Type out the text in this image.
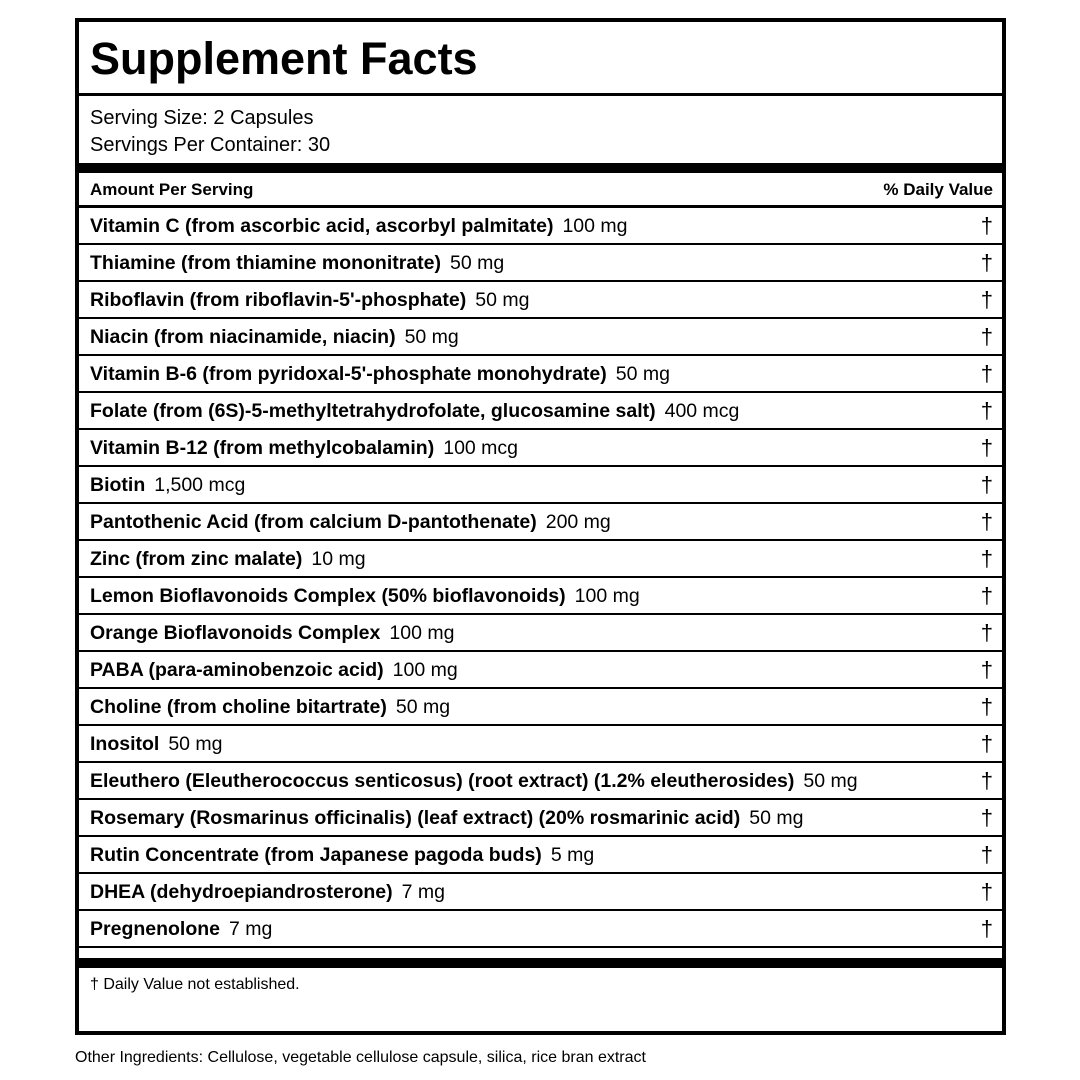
Supplement Facts
Serving Size: 2 Capsules
Servings Per Container: 30
Amount Per Serving	% Daily Value
Vitamin C (from ascorbic acid, ascorbyl palmitate) 100 mg	†
Thiamine (from thiamine mononitrate) 50 mg	†
Riboflavin (from riboflavin-5'-phosphate) 50 mg	†
Niacin (from niacinamide, niacin) 50 mg	†
Vitamin B-6 (from pyridoxal-5'-phosphate monohydrate) 50 mg	†
Folate (from (6S)-5-methyltetrahydrofolate, glucosamine salt) 400 mcg	†
Vitamin B-12 (from methylcobalamin) 100 mcg	†
Biotin 1,500 mcg	†
Pantothenic Acid (from calcium D-pantothenate) 200 mg	†
Zinc (from zinc malate) 10 mg	†
Lemon Bioflavonoids Complex (50% bioflavonoids) 100 mg	†
Orange Bioflavonoids Complex 100 mg	†
PABA (para-aminobenzoic acid) 100 mg	†
Choline (from choline bitartrate) 50 mg	†
Inositol 50 mg	†
Eleuthero (Eleutherococcus senticosus) (root extract) (1.2% eleutherosides) 50 mg	†
Rosemary (Rosmarinus officinalis) (leaf extract) (20% rosmarinic acid) 50 mg	†
Rutin Concentrate (from Japanese pagoda buds) 5 mg	†
DHEA (dehydroepiandrosterone) 7 mg	†
Pregnenolone 7 mg	†
† Daily Value not established.
Other Ingredients: Cellulose, vegetable cellulose capsule, silica, rice bran extract
